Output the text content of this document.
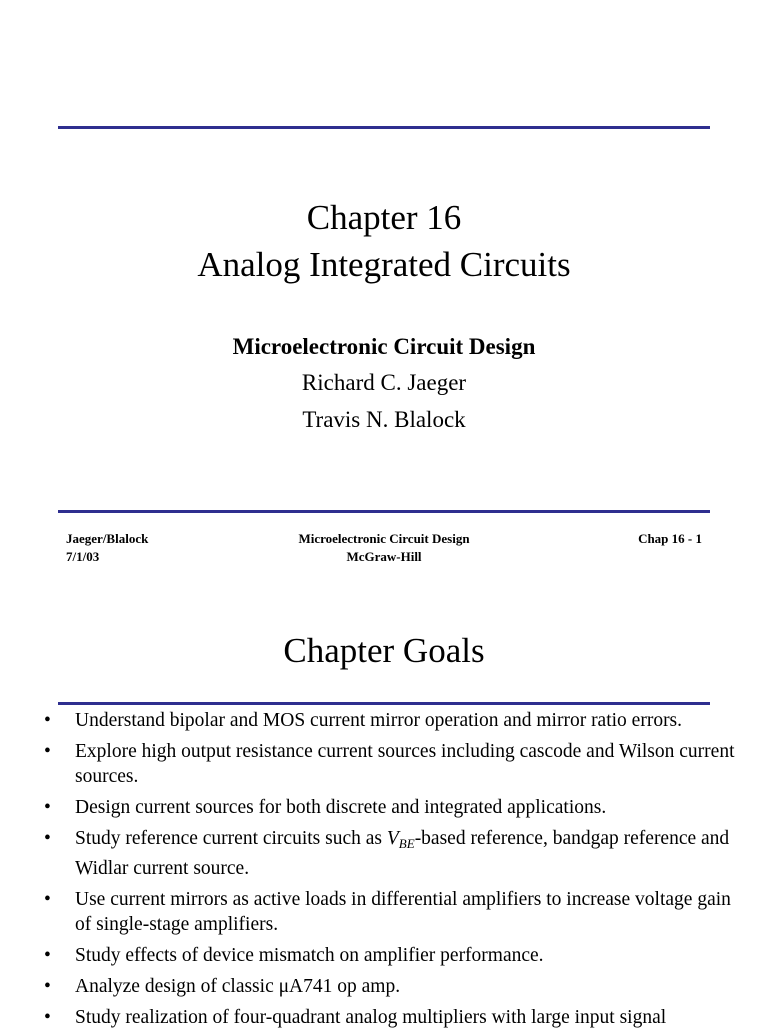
Chapter 16
Analog Integrated Circuits
Microelectronic Circuit Design
Richard C. Jaeger
Travis N. Blalock
Jaeger/Blalock
7/1/03
Microelectronic Circuit Design
McGraw-Hill
Chap 16 - 1
Chapter Goals
• Understand bipolar and MOS current mirror operation and mirror ratio errors.
• Explore high output resistance current sources including cascode and Wilson current sources.
• Design current sources for both discrete and integrated applications.
• Study reference current circuits such as $V_{BE}$-based reference, bandgap reference and Widlar current source.
• Use current mirrors as active loads in differential amplifiers to increase voltage gain of single-stage amplifiers.
• Study effects of device mismatch on amplifier performance.
• Analyze design of classic μA741 op amp.
• Study realization of four-quadrant analog multipliers with large input signal
